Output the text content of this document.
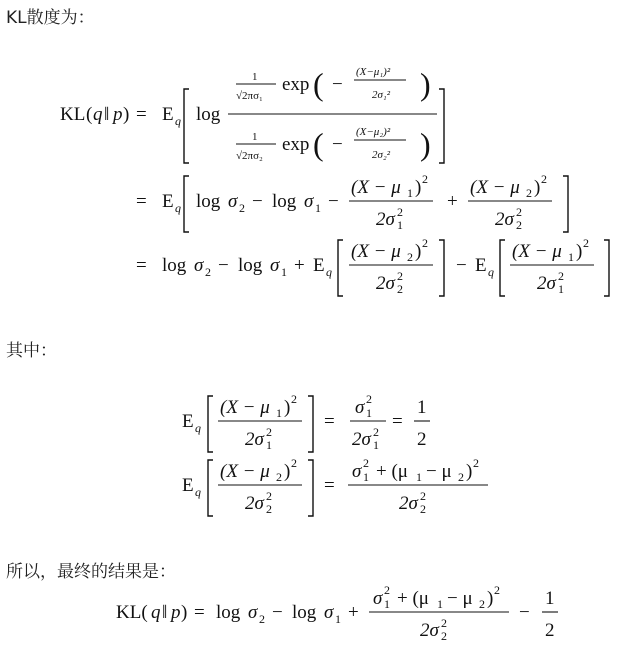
KL散度为：
其中：
所以，最终的结果是：
KL ( q ‖ p ) = E q log
1
√2πσ₁
exp ( −
(X−μ₁)²
2σ₁² )
1
√2πσ₂
exp ( −
(X−μ₂)²
2σ₂² )
= E q log σ 2 − log σ 1 −
(X − μ 1 ) 2
2σ 2
1
+
(X − μ 2 ) 2
2σ 2
2
= log σ 2 − log σ 1 + E q
(X − μ 2 ) 2
2σ 2
2
− E q
(X − μ 1 ) 2
2σ 2
1
E q
(X − μ 1 ) 2
2σ 2
1
=
σ 2
1
2σ 2
1
=
1
2
E q
(X − μ 2 ) 2
2σ 2
2
=
σ 2
1 + (μ 1 − μ 2 ) 2
2σ 2
2
KL( q ‖ p ) = log σ 2 − log σ 1 +
σ 2
1 + (μ 1 − μ 2 ) 2
2σ 2
2
−
1
2
